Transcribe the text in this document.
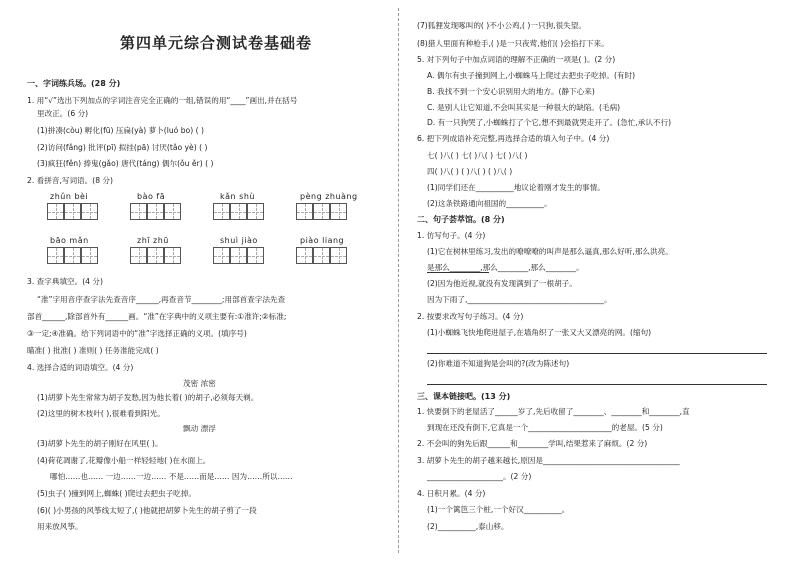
第四单元综合测试卷基础卷
一、字词练兵场。(28 分)
1. 用“√”选出下列加点的字词注音完全正确的一组,错误的用“____”画出,并在括号
里改正。(6 分)
(1)拼凑(còu) 孵化(fū) 压扁(yà) 萝卜(luó bo) ( )
(2)访问(fǎng) 批评(pī) 拟挂(pā) 讨厌(tǎo yè) ( )
(3)疯狂(fěn) 捧鬼(gǎo) 唐代(táng) 偶尔(ǒu ěr) ( )
2. 看拼音,写词语。(8 分)
zhǔn bèi	bào fā	kǎn shù	pèng zhuàng
bāo mǎn	zhī zhū	shuì jiào	piào liang
3. 查字典填空。(4 分)
“准”字用音序查字法先查音序______,再查音节________;用部首查字法先查
部首______,除部首外有______画。“准”在字典中的义项主要有:①准许;②标准;
③一定;④准确。给下列词语中的“准”字选择正确的义项。(填序号)
瞄准( ) 批准( ) 准则( ) 任务准能完成( )
4. 选择合适的词语填空。(4 分)
茂密 浓密
(1)胡萝卜先生常常为胡子发愁,因为他长着( )的胡子,必须每天剃。
(2)这里的树木枝叶( ),很难看到阳光。
飘动 漂浮
(3)胡萝卜先生的胡子刚好在风里( )。
(4)荷花凋谢了,花瓣像小船一样轻轻地( )在水面上。
哪怕……也…… 一边……一边…… 不是……而是…… 因为……所以……
(5)虫子( )撞到网上,蜘蛛( )爬过去把虫子吃掉。
(6)( )小男孩的风筝线太短了,( )他就把胡萝卜先生的胡子剪了一段
用来放风筝。
(7)狐狸发现啄叫的( )不小公鸡,( )一只狗,很失望。
(8)猎人里面有种枪手,( )是一只夜莺,他们( )会掐打下来。
5. 对下列句子中加点词语的理解不正确的一项是( )。(2 分)
A. 偶尔有虫子撞到网上,小蜘蛛马上爬过去把虫子吃掉。(有时)
B. 我找不到一个安心识别用大的地方。(静下心来)
C. 是别人让它知道,不会叫其实是一种很大的缺陷。(毛病)
D. 有一只狗哭了,小蜘蛛打了个它,想不到最就哭走开了。(急忙,承认不行)
6. 把下列成语补充完整,再选择合适的填入句子中。(4 分)
七( )八( ) 七( )八( ) 七( )八( )
四( )八( ) ( )八( ) ( )八( )
(1)同学们还在__________地议论着刚才发生的事情。
(2)这条铁路通向祖国的__________。
二、句子荟萃馆。(8 分)
1. 仿写句子。(4 分)
(1)它在树林里练习,发出的嘹嘹嘹的叫声是那么逼真,那么好听,那么洪亮。
是那么________,那么________,那么________。
(2)因为他近视,就没有发现满到了一根胡子。
因为下雨了,____________________________________。
2. 按要求改写句子练习。(4 分)
(1)小蜘蛛飞快地爬进屋子,在墙角织了一张又大又漂亮的网。(缩句)
(2)你难道不知道狗是会叫的?(改为陈述句)
三、课本链接吧。(13 分)
1. 快要倒下的老屋活了______岁了,先后收留了________、________和________,直
到现在还没有倒下,它真是一个______________________的老屋。(5 分)
2. 不会叫的狗先后跟______和________学叫,结果惹来了麻烦。(2 分)
3. 胡萝卜先生的胡子越来越长,原因是____________________________________
____________________。(2 分)
4. 日积月累。(4 分)
(1)一个篱笆三个桩,一个好汉__________。
(2)__________,泰山移。
